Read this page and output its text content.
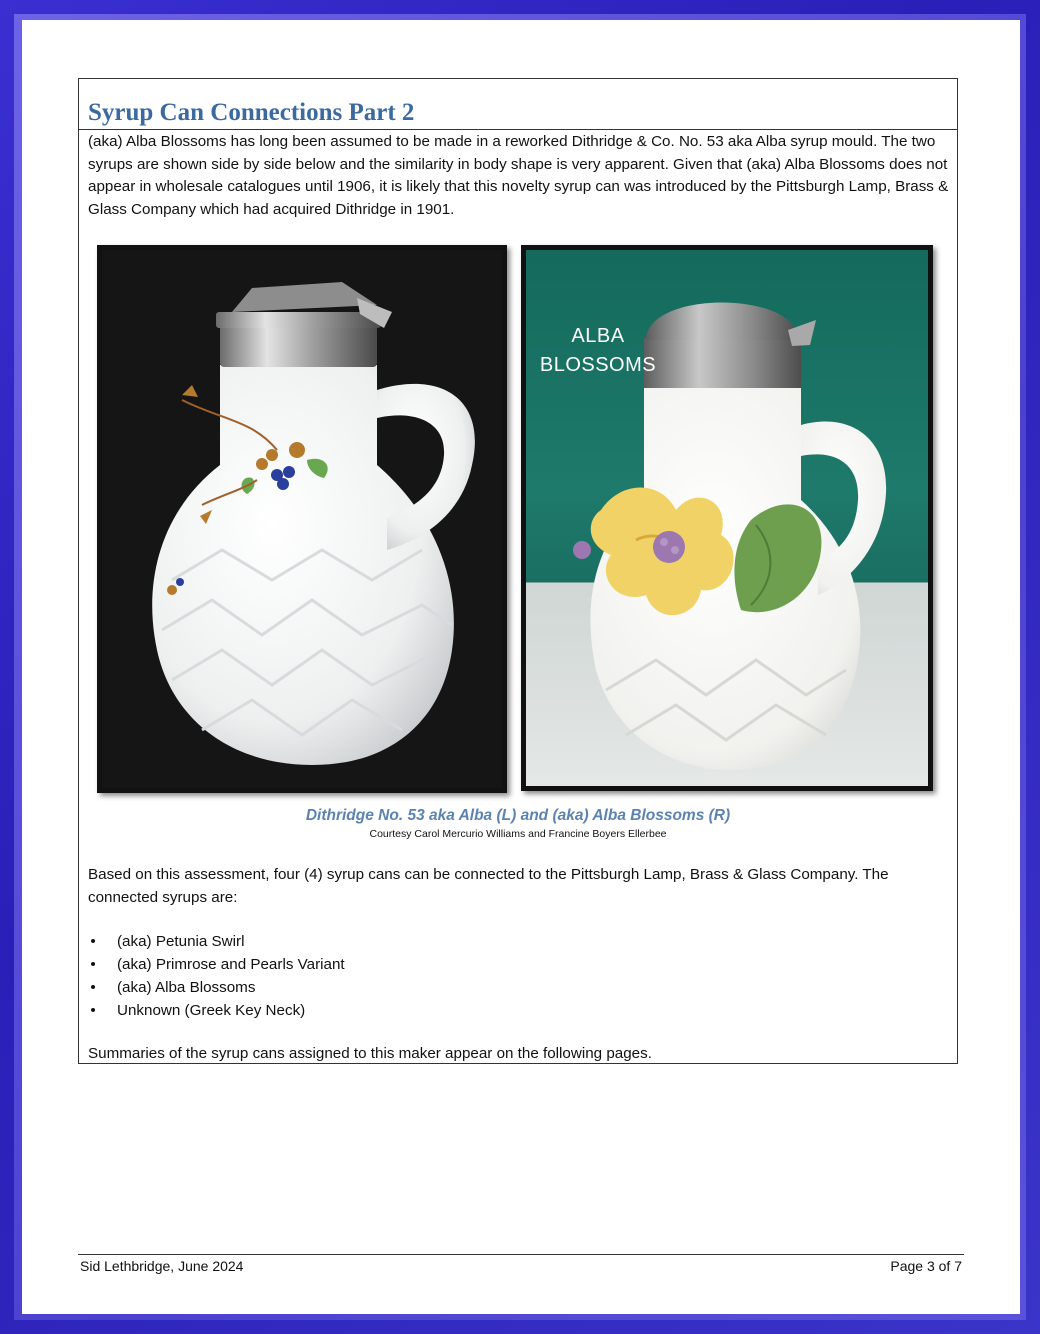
Syrup Can Connections Part 2

(aka) Alba Blossoms has long been assumed to be made in a reworked Dithridge & Co. No. 53 aka Alba syrup mould. The two syrups are shown side by side below and the similarity in body shape is very apparent. Given that (aka) Alba Blossoms does not appear in wholesale catalogues until 1906, it is likely that this novelty syrup can was introduced by the Pittsburgh Lamp, Brass & Glass Company which had acquired Dithridge in 1901.

ALBA
BLOSSOMS

Dithridge No. 53 aka Alba (L) and (aka) Alba Blossoms (R)

Courtesy Carol Mercurio Williams and Francine Boyers Ellerbee

Based on this assessment, four (4) syrup cans can be connected to the Pittsburgh Lamp, Brass & Glass Company. The connected syrups are:

• (aka) Petunia Swirl
• (aka) Primrose and Pearls Variant
• (aka) Alba Blossoms
• Unknown (Greek Key Neck)

Summaries of the syrup cans assigned to this maker appear on the following pages.

Sid Lethbridge, June 2024	Page 3 of 7
